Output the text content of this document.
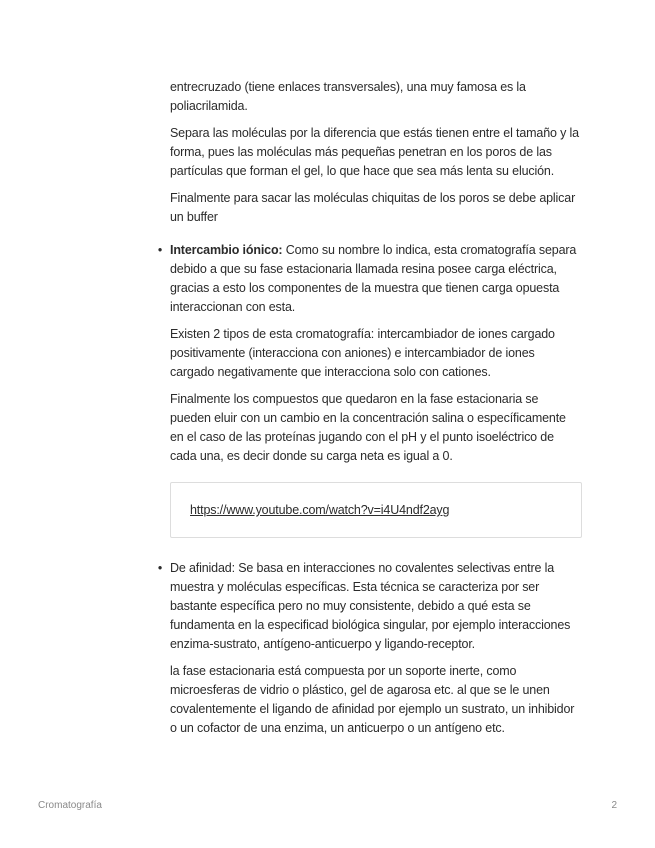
entrecruzado (tiene enlaces transversales), una muy famosa es la poliacrilamida.

Separa las moléculas por la diferencia que estás tienen entre el tamaño y la forma, pues las moléculas más pequeñas penetran en los poros de las partículas que forman el gel, lo que hace que sea más lenta su elución.

Finalmente para sacar las moléculas chiquitas de los poros se debe aplicar un buffer

• Intercambio iónico: Como su nombre lo indica, esta cromatografía separa debido a que su fase estacionaria llamada resina posee carga eléctrica, gracias a esto los componentes de la muestra que tienen carga opuesta interaccionan con esta.

Existen 2 tipos de esta cromatografía: intercambiador de iones cargado positivamente (interacciona con aniones) e intercambiador de iones cargado negativamente que interacciona solo con cationes.

Finalmente los compuestos que quedaron en la fase estacionaria se pueden eluir con un cambio en la concentración salina o específicamente en el caso de las proteínas jugando con el pH y el punto isoeléctrico de cada una, es decir donde su carga neta es igual a 0.

https://www.youtube.com/watch?v=i4U4ndf2ayg
• De afinidad: Se basa en interacciones no covalentes selectivas entre la muestra y moléculas específicas. Esta técnica se caracteriza por ser bastante específica pero no muy consistente, debido a qué esta se fundamenta en la especificad biológica singular, por ejemplo interacciones enzima-sustrato, antígeno-anticuerpo y ligando-receptor.

la fase estacionaria está compuesta por un soporte inerte, como microesferas de vidrio o plástico, gel de agarosa etc. al que se le unen covalentemente el ligando de afinidad por ejemplo un sustrato, un inhibidor o un cofactor de una enzima, un anticuerpo o un antígeno etc.

Cromatografía	2
